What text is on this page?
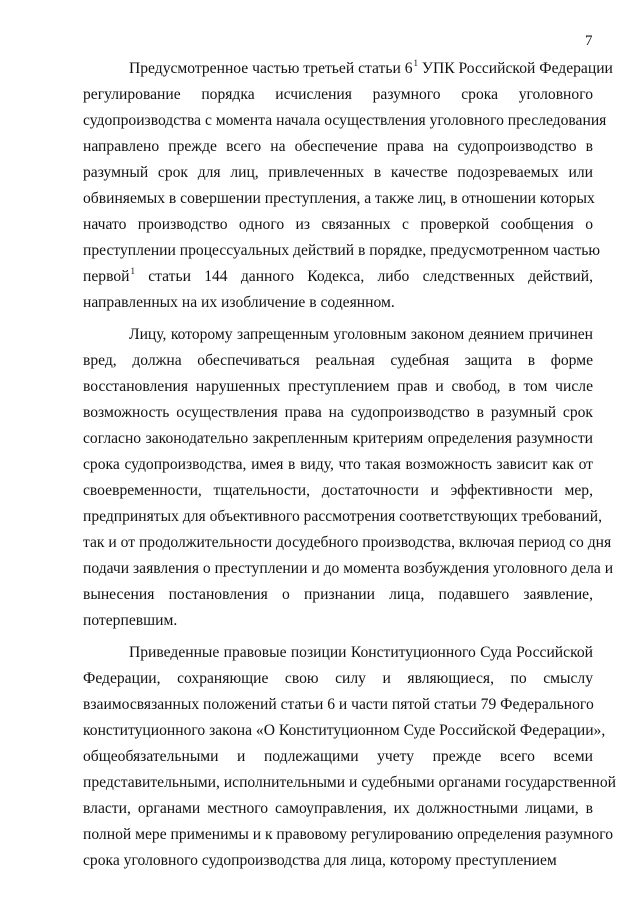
7
Предусмотренное частью третьей статьи $6^1$ УПК Российской Федерации
регулирование порядка исчисления разумного срока уголовного
судопроизводства с момента начала осуществления уголовного преследования
направлено прежде всего на обеспечение права на судопроизводство в
разумный срок для лиц, привлеченных в качестве подозреваемых или
обвиняемых в совершении преступления, а также лиц, в отношении которых
начато производство одного из связанных с проверкой сообщения о
преступлении процессуальных действий в порядке, предусмотренном частью
первой$^1$ статьи 144 данного Кодекса, либо следственных действий,
направленных на их изобличение в содеянном.
Лицу, которому запрещенным уголовным законом деянием причинен
вред, должна обеспечиваться реальная судебная защита в форме
восстановления нарушенных преступлением прав и свобод, в том числе
возможность осуществления права на судопроизводство в разумный срок
согласно законодательно закрепленным критериям определения разумности
срока судопроизводства, имея в виду, что такая возможность зависит как от
своевременности, тщательности, достаточности и эффективности мер,
предпринятых для объективного рассмотрения соответствующих требований,
так и от продолжительности досудебного производства, включая период со дня
подачи заявления о преступлении и до момента возбуждения уголовного дела и
вынесения постановления о признании лица, подавшего заявление,
потерпевшим.
Приведенные правовые позиции Конституционного Суда Российской
Федерации, сохраняющие свою силу и являющиеся, по смыслу
взаимосвязанных положений статьи 6 и части пятой статьи 79 Федерального
конституционного закона «О Конституционном Суде Российской Федерации»,
общеобязательными и подлежащими учету прежде всего всеми
представительными, исполнительными и судебными органами государственной
власти, органами местного самоуправления, их должностными лицами, в
полной мере применимы и к правовому регулированию определения разумного
срока уголовного судопроизводства для лица, которому преступлением
